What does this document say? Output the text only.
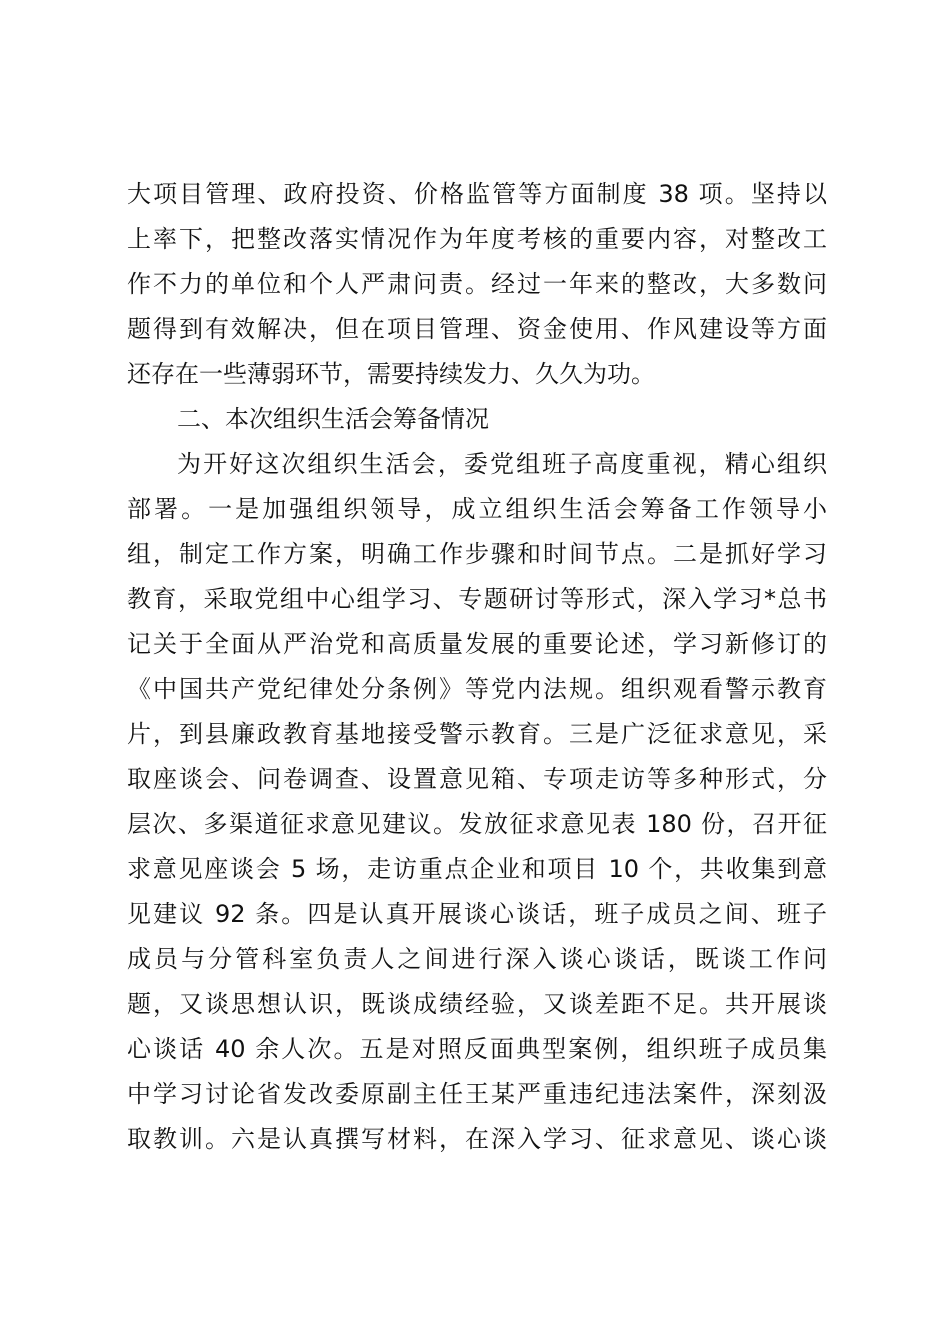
大项目管理、政府投资、价格监管等方面制度 38 项。坚持以
上率下，把整改落实情况作为年度考核的重要内容，对整改工
作不力的单位和个人严肃问责。经过一年来的整改，大多数问
题得到有效解决，但在项目管理、资金使用、作风建设等方面
还存在一些薄弱环节，需要持续发力、久久为功。
二、本次组织生活会筹备情况
为开好这次组织生活会，委党组班子高度重视，精心组织
部署。一是加强组织领导，成立组织生活会筹备工作领导小
组，制定工作方案，明确工作步骤和时间节点。二是抓好学习
教育，采取党组中心组学习、专题研讨等形式，深入学习*总书
记关于全面从严治党和高质量发展的重要论述，学习新修订的
《中国共产党纪律处分条例》等党内法规。组织观看警示教育
片，到县廉政教育基地接受警示教育。三是广泛征求意见，采
取座谈会、问卷调查、设置意见箱、专项走访等多种形式，分
层次、多渠道征求意见建议。发放征求意见表 180 份，召开征
求意见座谈会 5 场，走访重点企业和项目 10 个，共收集到意
见建议 92 条。四是认真开展谈心谈话，班子成员之间、班子
成员与分管科室负责人之间进行深入谈心谈话，既谈工作问
题，又谈思想认识，既谈成绩经验，又谈差距不足。共开展谈
心谈话 40 余人次。五是对照反面典型案例，组织班子成员集
中学习讨论省发改委原副主任王某严重违纪违法案件，深刻汲
取教训。六是认真撰写材料，在深入学习、征求意见、谈心谈
